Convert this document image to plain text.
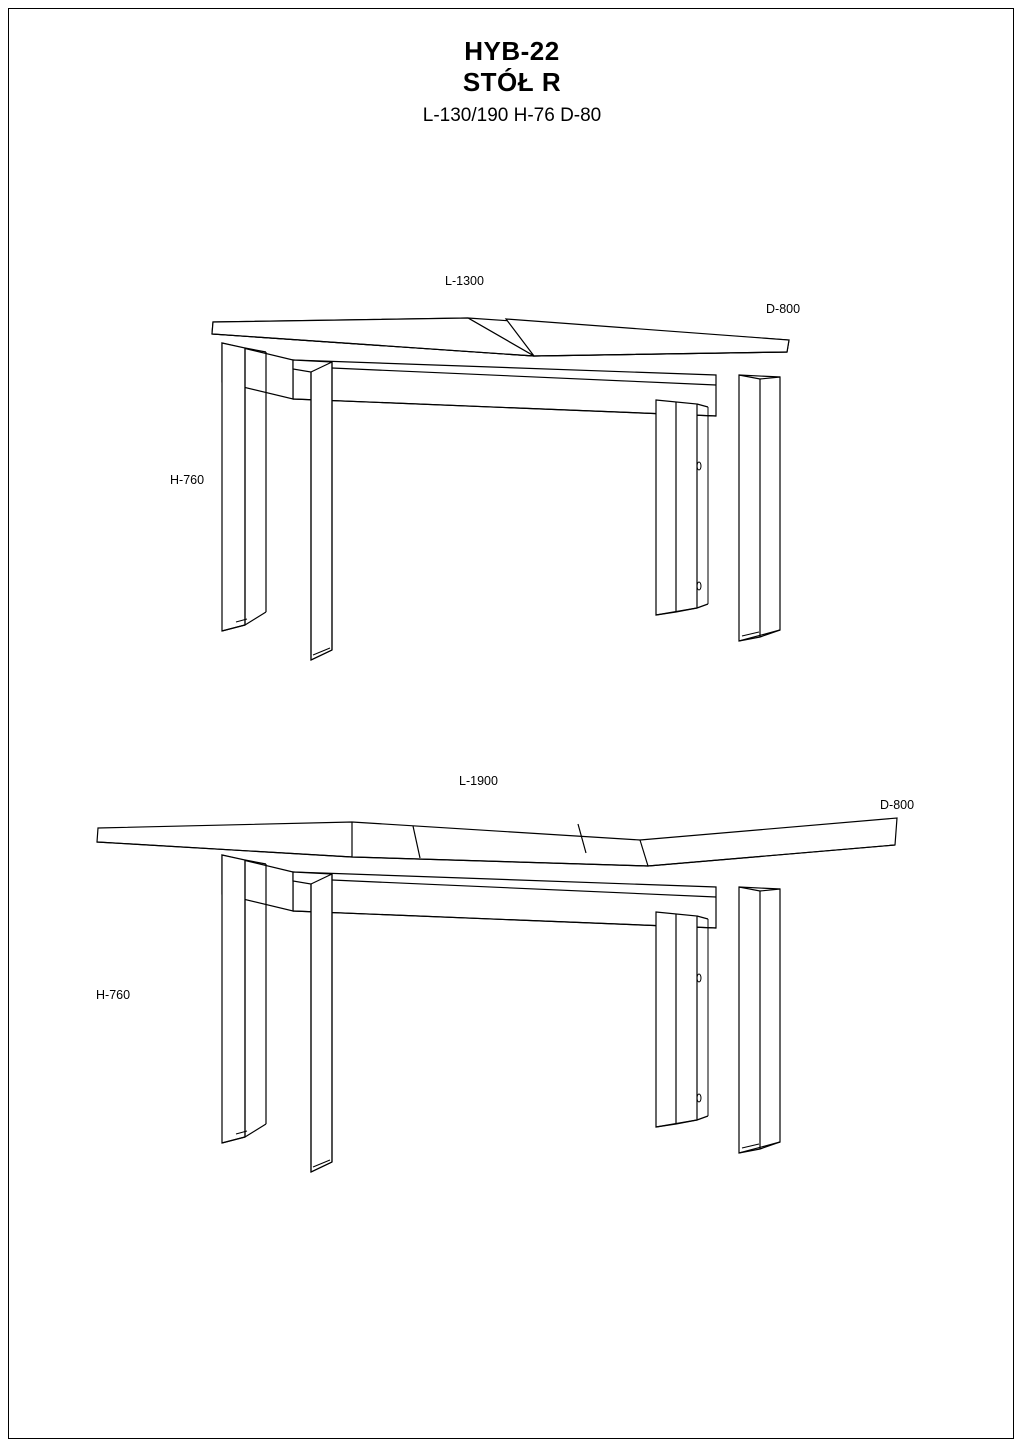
HYB-22
STÓŁ R
L-130/190 H-76 D-80
L-1300
D-800
H-760
L-1900
D-800
H-760
